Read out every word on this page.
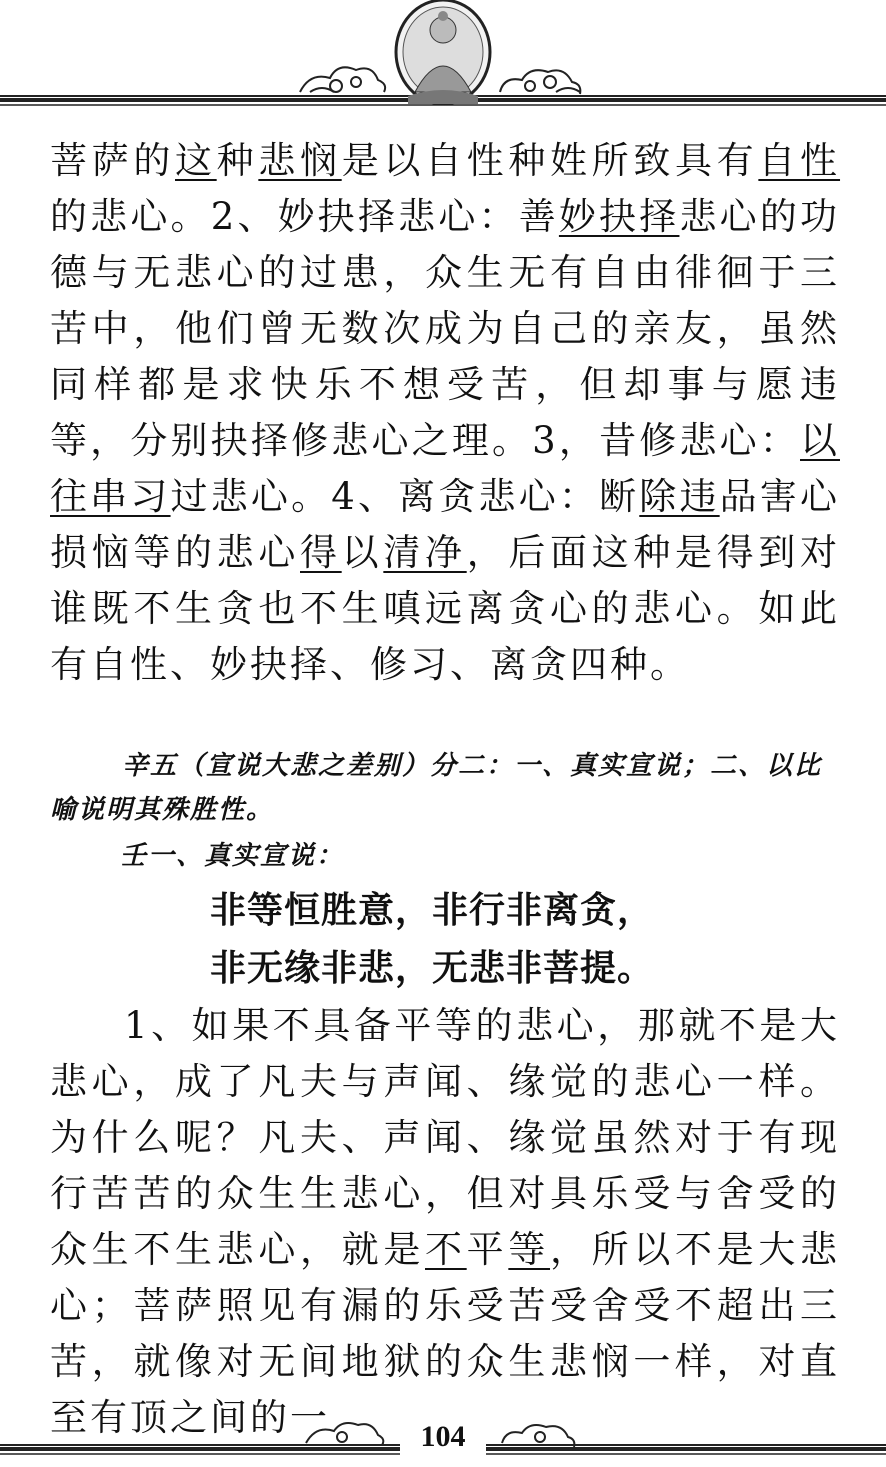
菩萨的这种悲悯是以自性种姓所致具有自性的悲心。2、妙抉择悲心：善妙抉择悲心的功德与无悲心的过患，众生无有自由徘徊于三苦中，他们曾无数次成为自己的亲友，虽然同样都是求快乐不想受苦，但却事与愿违等，分别抉择修悲心之理。3，昔修悲心：以往串习过悲心。4、离贪悲心：断除违品害心损恼等的悲心得以清净，后面这种是得到对谁既不生贪也不生嗔远离贪心的悲心。如此有自性、妙抉择、修习、离贪四种。

辛五（宣说大悲之差别）分二：一、真实宣说；二、以比喻说明其殊胜性。

壬一、真实宣说：

非等恒胜意，非行非离贪，

非无缘非悲，无悲非菩提。

1、如果不具备平等的悲心，那就不是大悲心，成了凡夫与声闻、缘觉的悲心一样。为什么呢？凡夫、声闻、缘觉虽然对于有现行苦苦的众生生悲心，但对具乐受与舍受的众生不生悲心，就是不平等，所以不是大悲心；菩萨照见有漏的乐受苦受舍受不超出三苦，就像对无间地狱的众生悲悯一样，对直至有顶之间的一	104
